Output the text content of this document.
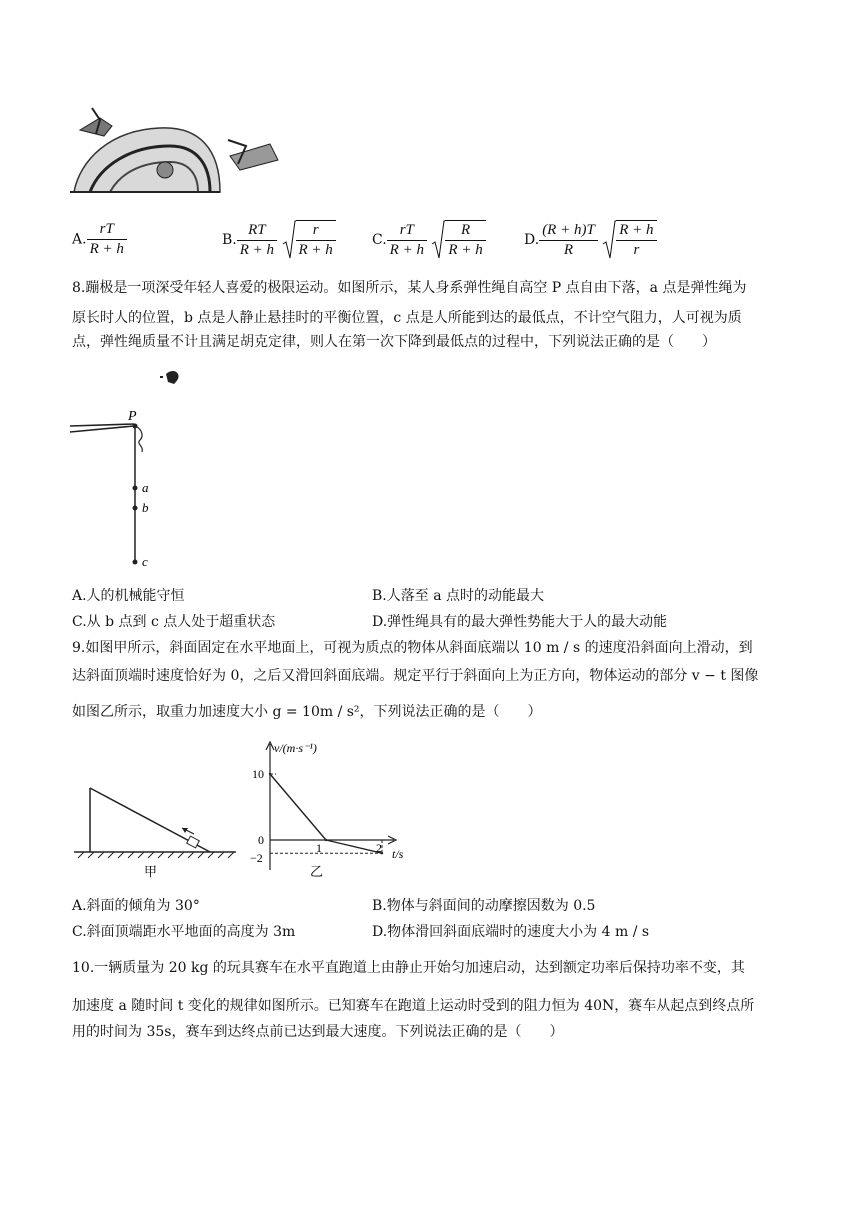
A. $\frac{rT}{R + h}$	B. $\frac{RT}{R + h}$
$\frac{r}{R + h}$	C. $\frac{rT}{R + h}$
$\frac{R}{R + h}$	D. $\frac{(R + h)T}{R}$
$\frac{R + h}{r}$
8.蹦极是一项深受年轻人喜爱的极限运动。如图所示，某人身系弹性绳自高空 P 点自由下落，a 点是弹性绳为
原长时人的位置，b 点是人静止悬挂时的平衡位置，c 点是人所能到达的最低点，不计空气阻力，人可视为质
点，弹性绳质量不计且满足胡克定律，则人在第一次下降到最低点的过程中，下列说法正确的是（　　）
P
a
b
c
A.人的机械能守恒	B.人落至 a 点时的动能最大
C.从 b 点到 c 点人处于超重状态	D.弹性绳具有的最大弹性势能大于人的最大动能
9.如图甲所示，斜面固定在水平地面上，可视为质点的物体从斜面底端以 10 m / s 的速度沿斜面向上滑动，到
达斜面顶端时速度恰好为 0，之后又滑回斜面底端。规定平行于斜面向上为正方向，物体运动的部分 v − t 图像
如图乙所示，取重力加速度大小 g = 10m / s²，下列说法正确的是（　　）
甲
v/(m·s⁻¹)
t/s
10
0
−2
1	2
乙
A.斜面的倾角为 30°	B.物体与斜面间的动摩擦因数为 0.5
C.斜面顶端距水平地面的高度为 3m	D.物体滑回斜面底端时的速度大小为 4 m / s
10.一辆质量为 20 kg 的玩具赛车在水平直跑道上由静止开始匀加速启动，达到额定功率后保持功率不变，其
加速度 a 随时间 t 变化的规律如图所示。已知赛车在跑道上运动时受到的阻力恒为 40N，赛车从起点到终点所
用的时间为 35s，赛车到达终点前已达到最大速度。下列说法正确的是（　　）
